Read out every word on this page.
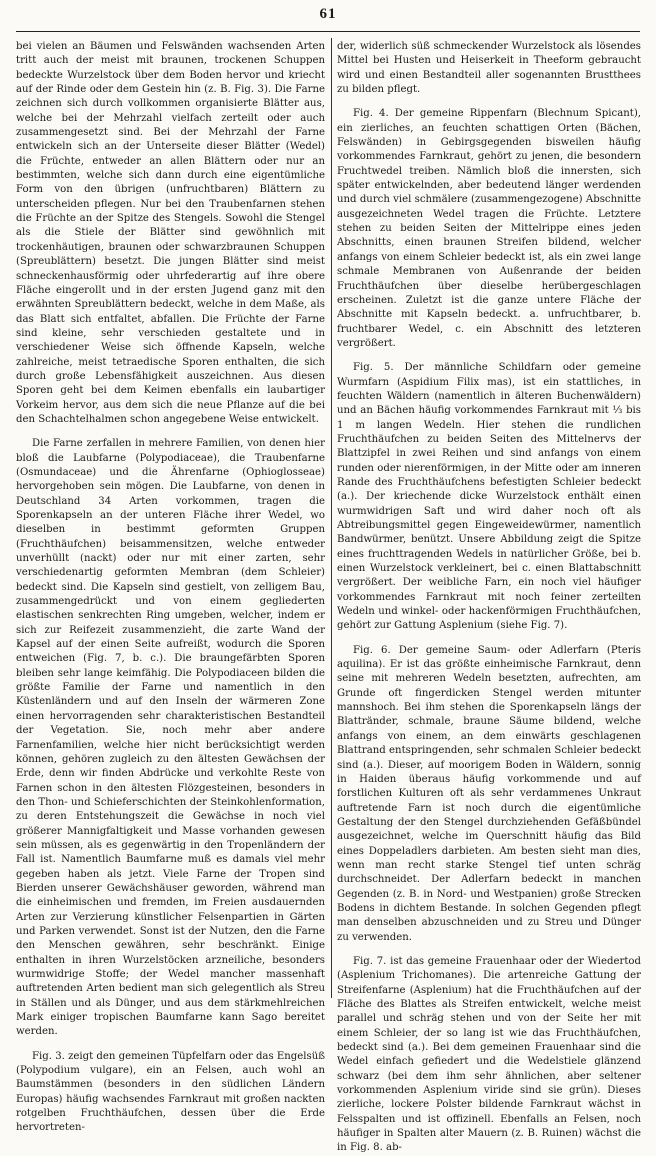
61

bei vielen an Bäumen und Felswänden wachsenden Arten tritt auch der meist mit braunen, trockenen Schuppen bedeckte Wurzelstock über dem Boden hervor und kriecht auf der Rinde oder dem Gestein hin (z. B. Fig. 3). Die Farne zeichnen sich durch vollkommen organisierte Blätter aus, welche bei der Mehrzahl vielfach zerteilt oder auch zusammengesetzt sind. Bei der Mehrzahl der Farne entwickeln sich an der Unterseite dieser Blätter (Wedel) die Früchte, entweder an allen Blättern oder nur an bestimmten, welche sich dann durch eine eigentümliche Form von den übrigen (unfruchtbaren) Blättern zu unterscheiden pflegen. Nur bei den Traubenfarnen stehen die Früchte an der Spitze des Stengels. Sowohl die Stengel als die Stiele der Blätter sind gewöhnlich mit trockenhäutigen, braunen oder schwarzbraunen Schuppen (Spreublättern) besetzt. Die jungen Blätter sind meist schneckenhausförmig oder uhrfederartig auf ihre obere Fläche eingerollt und in der ersten Jugend ganz mit den erwähnten Spreublättern bedeckt, welche in dem Maße, als das Blatt sich entfaltet, abfallen. Die Früchte der Farne sind kleine, sehr verschieden gestaltete und in verschiedener Weise sich öffnende Kapseln, welche zahlreiche, meist tetraedische Sporen enthalten, die sich durch große Lebensfähigkeit auszeichnen. Aus diesen Sporen geht bei dem Keimen ebenfalls ein laubartiger Vorkeim hervor, aus dem sich die neue Pflanze auf die bei den Schachtelhalmen schon angegebene Weise entwickelt.

Die Farne zerfallen in mehrere Familien, von denen hier bloß die Laubfarne (Polypodiaceae), die Traubenfarne (Osmundaceae) und die Ährenfarne (Ophioglosseae) hervorgehoben sein mögen. Die Laubfarne, von denen in Deutschland 34 Arten vorkommen, tragen die Sporenkapseln an der unteren Fläche ihrer Wedel, wo dieselben in bestimmt geformten Gruppen (Fruchthäufchen) beisammensitzen, welche entweder unverhüllt (nackt) oder nur mit einer zarten, sehr verschiedenartig geformten Membran (dem Schleier) bedeckt sind. Die Kapseln sind gestielt, von zelligem Bau, zusammengedrückt und von einem gegliederten elastischen senkrechten Ring umgeben, welcher, indem er sich zur Reifezeit zusammenzieht, die zarte Wand der Kapsel auf der einen Seite aufreißt, wodurch die Sporen entweichen (Fig. 7, b. c.). Die braungefärbten Sporen bleiben sehr lange keimfähig. Die Polypodiaceen bilden die größte Familie der Farne und namentlich in den Küstenländern und auf den Inseln der wärmeren Zone einen hervorragenden sehr charakteristischen Bestandteil der Vegetation. Sie, noch mehr aber andere Farnenfamilien, welche hier nicht berücksichtigt werden können, gehören zugleich zu den ältesten Gewächsen der Erde, denn wir finden Abdrücke und verkohlte Reste von Farnen schon in den ältesten Flözgesteinen, besonders in den Thon- und Schieferschichten der Steinkohlenformation, zu deren Entstehungszeit die Gewächse in noch viel größerer Mannigfaltigkeit und Masse vorhanden gewesen sein müssen, als es gegenwärtig in den Tropenländern der Fall ist. Namentlich Baumfarne muß es damals viel mehr gegeben haben als jetzt. Viele Farne der Tropen sind Bierden unserer Gewächshäuser geworden, während man die einheimischen und fremden, im Freien ausdauernden Arten zur Verzierung künstlicher Felsenpartien in Gärten und Parken verwendet. Sonst ist der Nutzen, den die Farne den Menschen gewähren, sehr beschränkt. Einige enthalten in ihren Wurzelstöcken arzneiliche, besonders wurmwidrige Stoffe; der Wedel mancher massenhaft auftretenden Arten bedient man sich gelegentlich als Streu in Ställen und als Dünger, und aus dem stärkmehlreichen Mark einiger tropischen Baumfarne kann Sago bereitet werden.

Fig. 3. zeigt den gemeinen Tüpfelfarn oder das Engelsüß (Polypodium vulgare), ein an Felsen, auch wohl an Baumstämmen (besonders in den südlichen Ländern Europas) häufig wachsendes Farnkraut mit großen nackten rotgelben Fruchthäufchen, dessen über die Erde hervortreten-

der, widerlich süß schmeckender Wurzelstock als lösendes Mittel bei Husten und Heiserkeit in Theeform gebraucht wird und einen Bestandteil aller sogenannten Brustthees zu bilden pflegt.

Fig. 4. Der gemeine Rippenfarn (Blechnum Spicant), ein zierliches, an feuchten schattigen Orten (Bächen, Felswänden) in Gebirgsgegenden bisweilen häufig vorkommendes Farnkraut, gehört zu jenen, die besondern Fruchtwedel treiben. Nämlich bloß die innersten, sich später entwickelnden, aber bedeutend länger werdenden und durch viel schmälere (zusammengezogene) Abschnitte ausgezeichneten Wedel tragen die Früchte. Letztere stehen zu beiden Seiten der Mittelrippe eines jeden Abschnitts, einen braunen Streifen bildend, welcher anfangs von einem Schleier bedeckt ist, als ein zwei lange schmale Membranen von Außenrande der beiden Fruchthäufchen über dieselbe herübergeschlagen erscheinen. Zuletzt ist die ganze untere Fläche der Abschnitte mit Kapseln bedeckt. a. unfruchtbarer, b. fruchtbarer Wedel, c. ein Abschnitt des letzteren vergrößert.

Fig. 5. Der männliche Schildfarn oder gemeine Wurmfarn (Aspidium Filix mas), ist ein stattliches, in feuchten Wäldern (namentlich in älteren Buchenwäldern) und an Bächen häufig vorkommendes Farnkraut mit ⅓ bis 1 m langen Wedeln. Hier stehen die rundlichen Fruchthäufchen zu beiden Seiten des Mittelnervs der Blattzipfel in zwei Reihen und sind anfangs von einem runden oder nierenförmigen, in der Mitte oder am inneren Rande des Fruchthäufchens befestigten Schleier bedeckt (a.). Der kriechende dicke Wurzelstock enthält einen wurmwidrigen Saft und wird daher noch oft als Abtreibungsmittel gegen Eingeweidewürmer, namentlich Bandwürmer, benützt. Unsere Abbildung zeigt die Spitze eines fruchttragenden Wedels in natürlicher Größe, bei b. einen Wurzelstock verkleinert, bei c. einen Blattabschnitt vergrößert. Der weibliche Farn, ein noch viel häufiger vorkommendes Farnkraut mit noch feiner zerteilten Wedeln und winkel- oder hackenförmigen Fruchthäufchen, gehört zur Gattung Asplenium (siehe Fig. 7).

Fig. 6. Der gemeine Saum- oder Adlerfarn (Pteris aquilina). Er ist das größte einheimische Farnkraut, denn seine mit mehreren Wedeln besetzten, aufrechten, am Grunde oft fingerdicken Stengel werden mitunter mannshoch. Bei ihm stehen die Sporenkapseln längs der Blattränder, schmale, braune Säume bildend, welche anfangs von einem, an dem einwärts geschlagenen Blattrand entspringenden, sehr schmalen Schleier bedeckt sind (a.). Dieser, auf moorigem Boden in Wäldern, sonnig in Haiden überaus häufig vorkommende und auf forstlichen Kulturen oft als sehr verdammenes Unkraut auftretende Farn ist noch durch die eigentümliche Gestaltung der den Stengel durchziehenden Gefäßbündel ausgezeichnet, welche im Querschnitt häufig das Bild eines Doppeladlers darbieten. Am besten sieht man dies, wenn man recht starke Stengel tief unten schräg durchschneidet. Der Adlerfarn bedeckt in manchen Gegenden (z. B. in Nord- und Westpanien) große Strecken Bodens in dichtem Bestande. In solchen Gegenden pflegt man denselben abzuschneiden und zu Streu und Dünger zu verwenden.

Fig. 7. ist das gemeine Frauenhaar oder der Wiedertod (Asplenium Trichomanes). Die artenreiche Gattung der Streifenfarne (Asplenium) hat die Fruchthäufchen auf der Fläche des Blattes als Streifen entwickelt, welche meist parallel und schräg stehen und von der Seite her mit einem Schleier, der so lang ist wie das Fruchthäufchen, bedeckt sind (a.). Bei dem gemeinen Frauenhaar sind die Wedel einfach gefiedert und die Wedelstiele glänzend schwarz (bei dem ihm sehr ähnlichen, aber seltener vorkommenden Asplenium viride sind sie grün). Dieses zierliche, lockere Polster bildende Farnkraut wächst in Felsspalten und ist offizinell. Ebenfalls an Felsen, noch häufiger in Spalten alter Mauern (z. B. Ruinen) wächst die in Fig. 8. ab-
